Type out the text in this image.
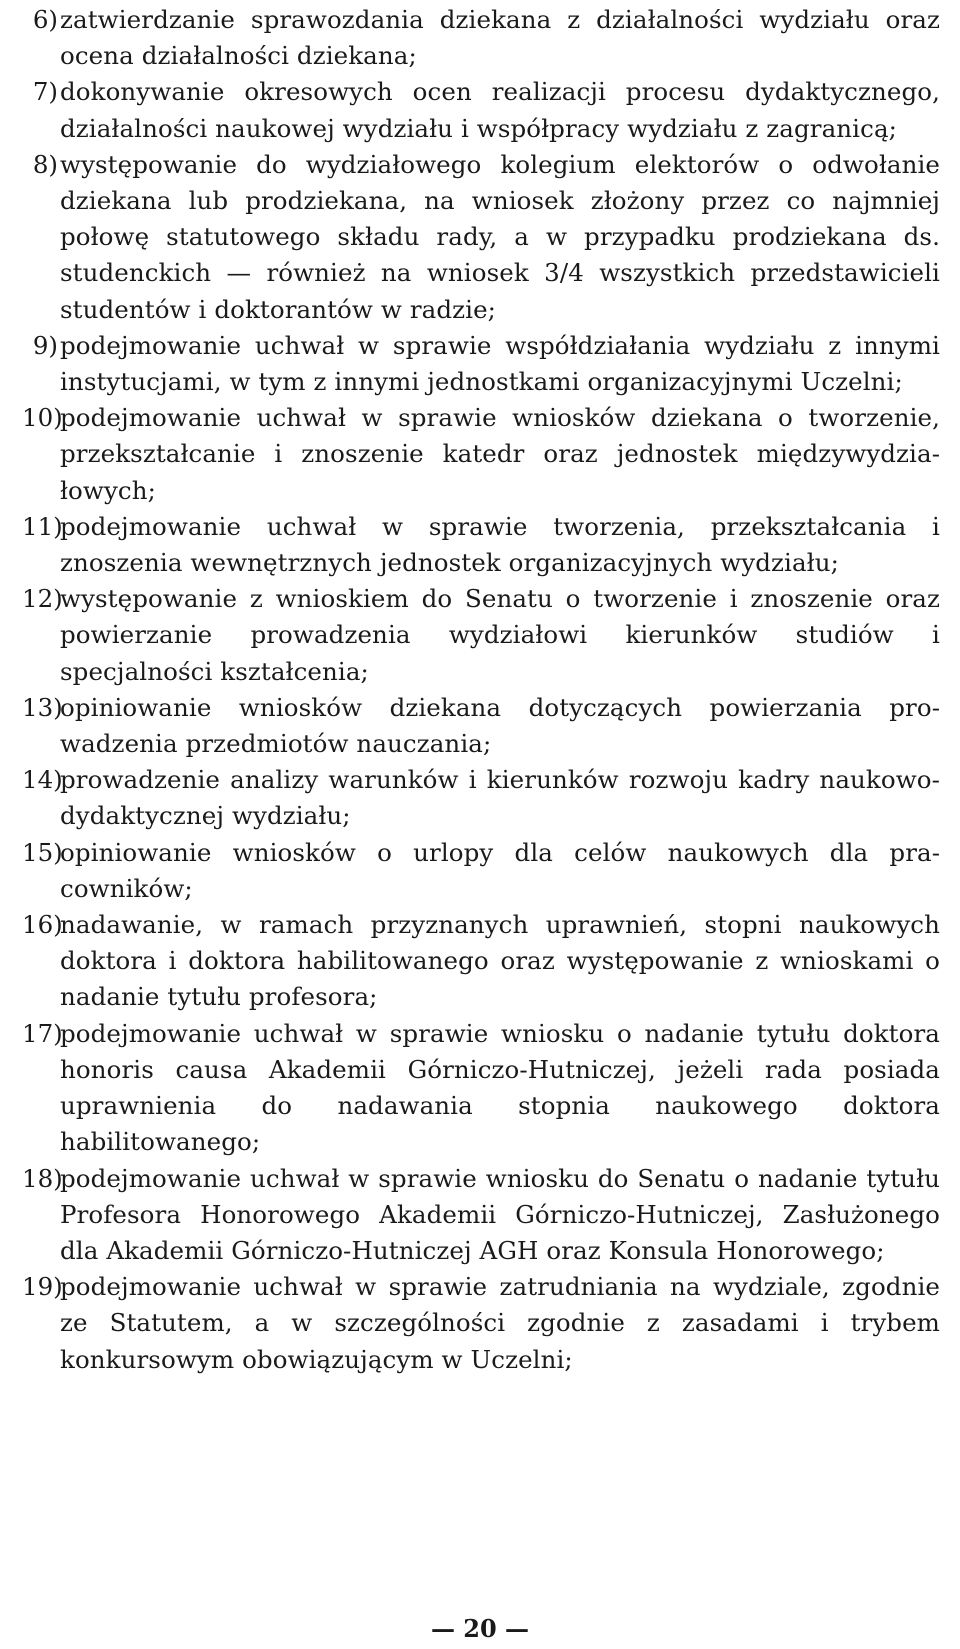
6) zatwierdzanie sprawozdania dziekana z działalności wydziału oraz ocena działalności dziekana;
7) dokonywanie okresowych ocen realizacji procesu dydaktycznego, działalności naukowej wydziału i współpracy wydziału z zagranicą;
8) występowanie do wydziałowego kolegium elektorów o odwołanie dziekana lub prodziekana, na wniosek złożony przez co najmniej połowę statutowego składu rady, a w przypadku prodziekana ds. studenckich — również na wniosek 3/4 wszystkich przedstawicieli studentów i doktorantów w radzie;
9) podejmowanie uchwał w sprawie współdziałania wydziału z innymi instytucjami, w tym z innymi jednostkami organizacyjnymi Uczelni;
10)
podejmowanie uchwał w sprawie wniosków dziekana o tworzenie, przekształcanie i znoszenie katedr oraz jednostek międzywydziałowych;
11)
podejmowanie uchwał w sprawie tworzenia, przekształcania i znoszenia wewnętrznych jednostek organizacyjnych wydziału;
12)
występowanie z wnioskiem do Senatu o tworzenie i znoszenie oraz powierzanie prowadzenia wydziałowi kierunków studiów i specjalności kształcenia;
13)
opiniowanie wniosków dziekana dotyczących powierzania prowadzenia przedmiotów nauczania;
14)
prowadzenie analizy warunków i kierunków rozwoju kadry naukowo-dydaktycznej wydziału;
15)
opiniowanie wniosków o urlopy dla celów naukowych dla pracowników;
16)
nadawanie, w ramach przyznanych uprawnień, stopni naukowych doktora i doktora habilitowanego oraz występowanie z wnioskami o nadanie tytułu profesora;
17)
podejmowanie uchwał w sprawie wniosku o nadanie tytułu doktora honoris causa Akademii Górniczo-Hutniczej, jeżeli rada posiada uprawnienia do nadawania stopnia naukowego doktora habilitowanego;
18)
podejmowanie uchwał w sprawie wniosku do Senatu o nadanie tytułu Profesora Honorowego Akademii Górniczo-Hutniczej, Zasłużonego dla Akademii Górniczo-Hutniczej AGH oraz Konsula Honorowego;
19)
podejmowanie uchwał w sprawie zatrudniania na wydziale, zgodnie ze Statutem, a w szczególności zgodnie z zasadami i trybem konkursowym obowiązującym w Uczelni;
— 20 —
